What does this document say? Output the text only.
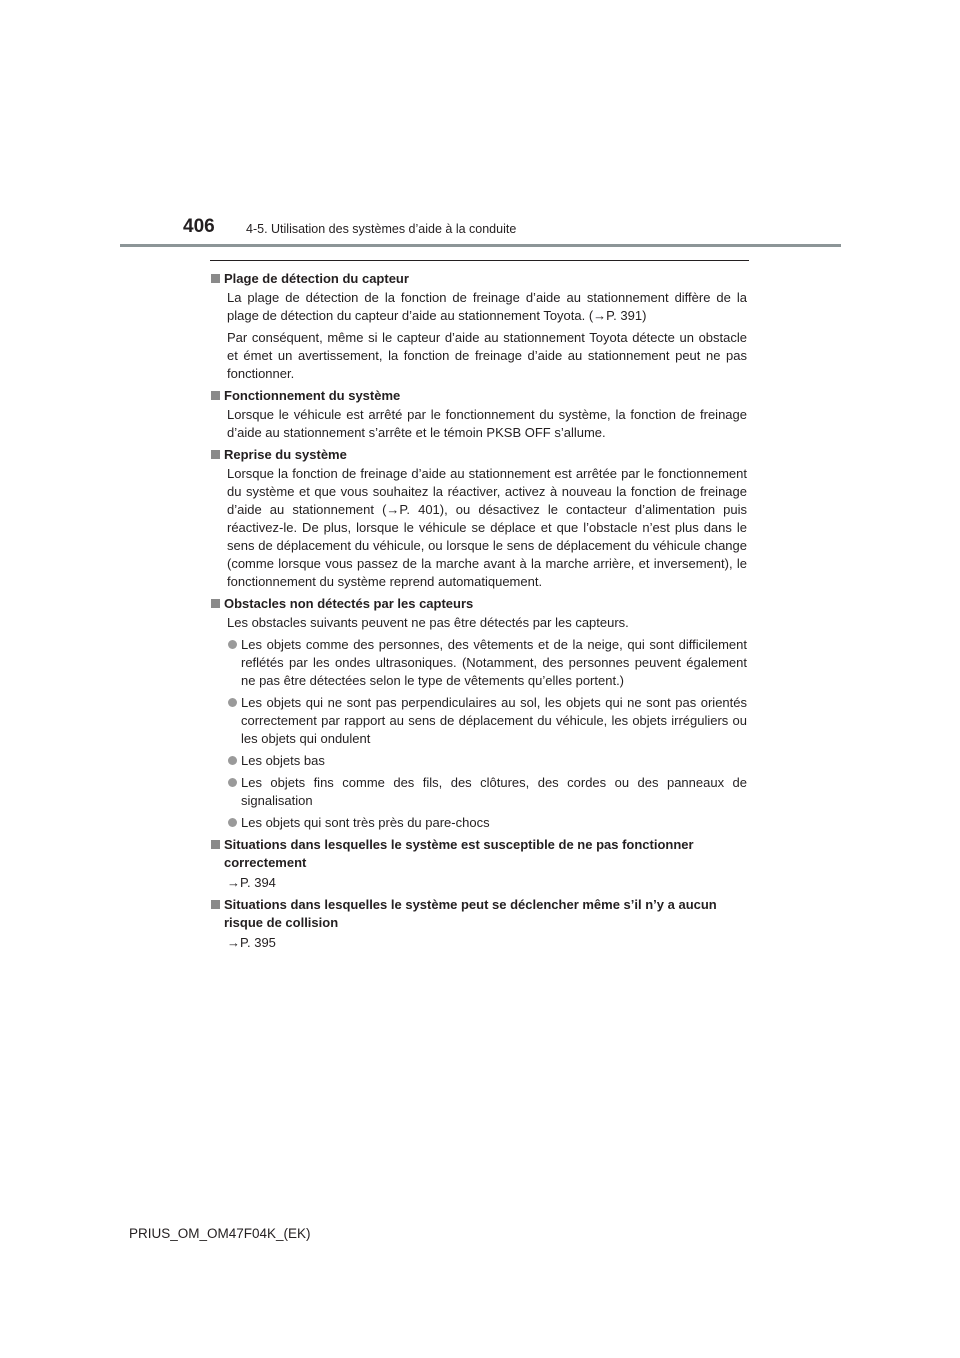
406	4-5. Utilisation des systèmes d’aide à la conduite
Plage de détection du capteur
La plage de détection de la fonction de freinage d’aide au stationnement diffère de la plage de détection du capteur d’aide au stationnement Toyota. (→P. 391)
Par conséquent, même si le capteur d’aide au stationnement Toyota détecte un obstacle et émet un avertissement, la fonction de freinage d’aide au stationnement peut ne pas fonctionner.
Fonctionnement du système
Lorsque le véhicule est arrêté par le fonctionnement du système, la fonction de freinage d’aide au stationnement s’arrête et le témoin PKSB OFF s’allume.
Reprise du système
Lorsque la fonction de freinage d’aide au stationnement est arrêtée par le fonctionnement du système et que vous souhaitez la réactiver, activez à nouveau la fonction de freinage d’aide au stationnement (→P. 401), ou désactivez le contacteur d’alimentation puis réactivez-le. De plus, lorsque le véhicule se déplace et que l’obstacle n’est plus dans le sens de déplacement du véhicule, ou lorsque le sens de déplacement du véhicule change (comme lorsque vous passez de la marche avant à la marche arrière, et inversement), le fonctionnement du système reprend automatiquement.
Obstacles non détectés par les capteurs
Les obstacles suivants peuvent ne pas être détectés par les capteurs.
Les objets comme des personnes, des vêtements et de la neige, qui sont difficilement reflétés par les ondes ultrasoniques. (Notamment, des personnes peuvent également ne pas être détectées selon le type de vêtements qu’elles portent.)
Les objets qui ne sont pas perpendiculaires au sol, les objets qui ne sont pas orientés correctement par rapport au sens de déplacement du véhicule, les objets irréguliers ou les objets qui ondulent
Les objets bas
Les objets fins comme des fils, des clôtures, des cordes ou des panneaux de signalisation
Les objets qui sont très près du pare-chocs
Situations dans lesquelles le système est susceptible de ne pas fonctionner correctement
→P. 394
Situations dans lesquelles le système peut se déclencher même s’il n’y a aucun risque de collision
→P. 395
PRIUS_OM_OM47F04K_(EK)
